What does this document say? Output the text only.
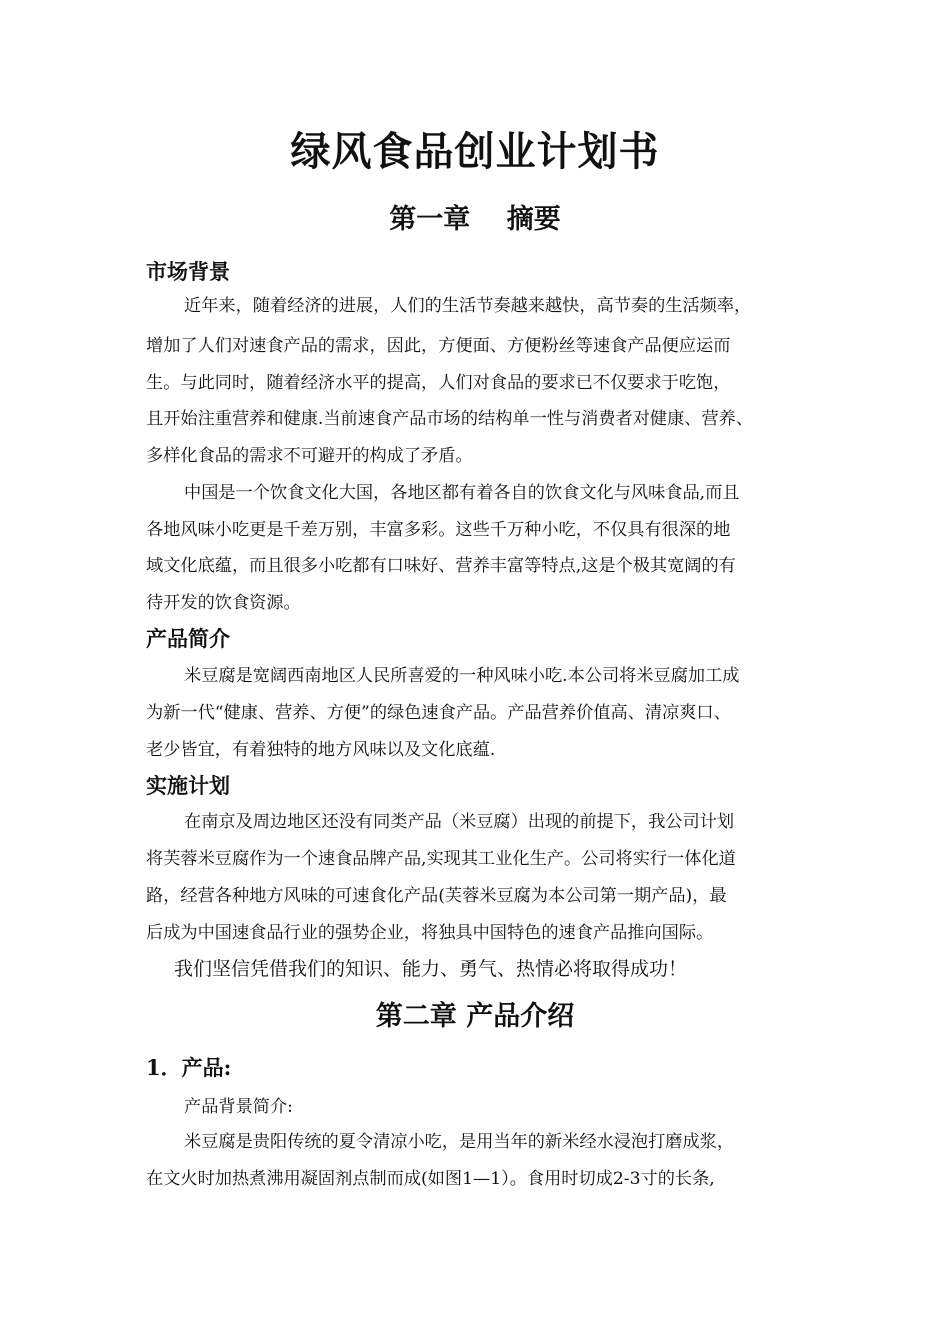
绿风食品创业计划书
第一章　 摘要
市场背景
近年来，随着经济的进展，人们的生活节奏越来越快，高节奏的生活频率，
增加了人们对速食产品的需求，因此，方便面、方便粉丝等速食产品便应运而
生。与此同时，随着经济水平的提高，人们对食品的要求已不仅要求于吃饱，
且开始注重营养和健康.当前速食产品市场的结构单一性与消费者对健康、营养、
多样化食品的需求不可避开的构成了矛盾。
中国是一个饮食文化大国，各地区都有着各自的饮食文化与风味食品,而且
各地风味小吃更是千差万别，丰富多彩。这些千万种小吃，不仅具有很深的地
域文化底蕴，而且很多小吃都有口味好、营养丰富等特点,这是个极其宽阔的有
待开发的饮食资源。
产品简介
米豆腐是宽阔西南地区人民所喜爱的一种风味小吃.本公司将米豆腐加工成
为新一代“健康、营养、方便”的绿色速食产品。产品营养价值高、清凉爽口、
老少皆宜，有着独特的地方风味以及文化底蕴.
实施计划
在南京及周边地区还没有同类产品（米豆腐）出现的前提下，我公司计划
将芙蓉米豆腐作为一个速食品牌产品,实现其工业化生产。公司将实行一体化道
路，经营各种地方风味的可速食化产品(芙蓉米豆腐为本公司第一期产品)，最
后成为中国速食品行业的强势企业，将独具中国特色的速食产品推向国际。
我们坚信凭借我们的知识、能力、勇气、热情必将取得成功！
第二章 产品介绍
1．产品:
产品背景简介:
米豆腐是贵阳传统的夏令清凉小吃，是用当年的新米经水浸泡打磨成浆，
在文火时加热煮沸用凝固剂点制而成(如图1—1）。食用时切成2-3寸的长条,
